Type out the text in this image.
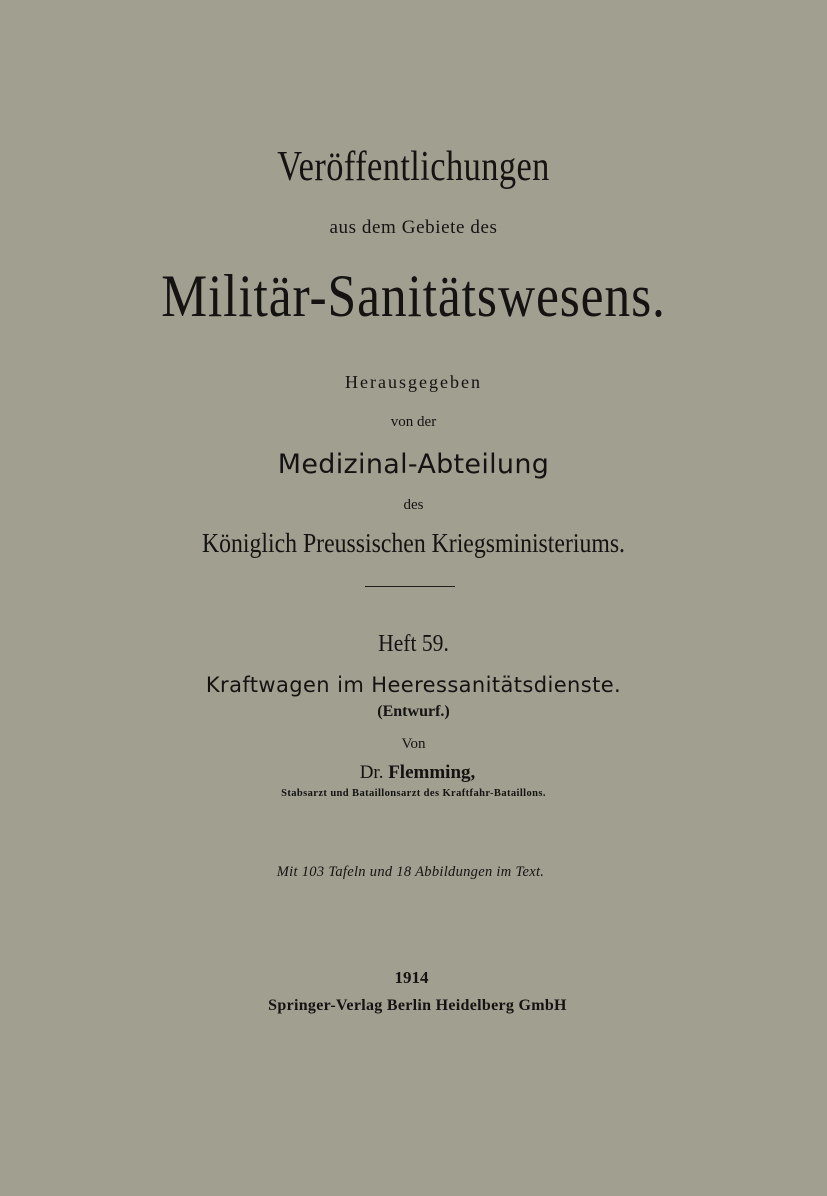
Veröffentlichungen
aus dem Gebiete des
Militär-Sanitätswesens.
Herausgegeben
von der
Medizinal-Abteilung
des
Königlich Preussischen Kriegsministeriums.
Heft 59.
Kraftwagen im Heeressanitätsdienste.
(Entwurf.)
Von
Dr. Flemming,
Stabsarzt und Bataillonsarzt des Kraftfahr-Bataillons.
Mit 103 Tafeln und 18 Abbildungen im Text.
1914
Springer-Verlag Berlin Heidelberg GmbH
